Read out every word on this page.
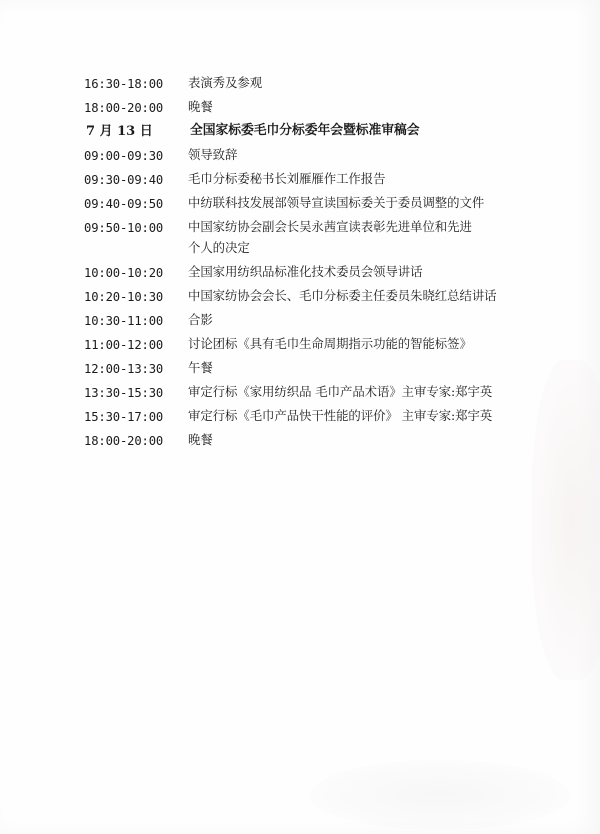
16:30-18:00	表演秀及参观
18:00-20:00	晚餐
7 月 13 日	全国家标委毛巾分标委年会暨标准审稿会
09:00-09:30	领导致辞
09:30-09:40	毛巾分标委秘书长刘雁雁作工作报告
09:40-09:50	中纺联科技发展部领导宣读国标委关于委员调整的文件
09:50-10:00	中国家纺协会副会长吴永茜宣读表彰先进单位和先进
个人的决定
10:00-10:20	全国家用纺织品标准化技术委员会领导讲话
10:20-10:30	中国家纺协会会长、毛巾分标委主任委员朱晓红总结讲话
10:30-11:00	合影
11:00-12:00	讨论团标《具有毛巾生命周期指示功能的智能标签》
12:00-13:30	午餐
13:30-15:30	审定行标《家用纺织品 毛巾产品术语》主审专家:郑宇英
15:30-17:00	审定行标《毛巾产品快干性能的评价》 主审专家:郑宇英
18:00-20:00	晚餐
